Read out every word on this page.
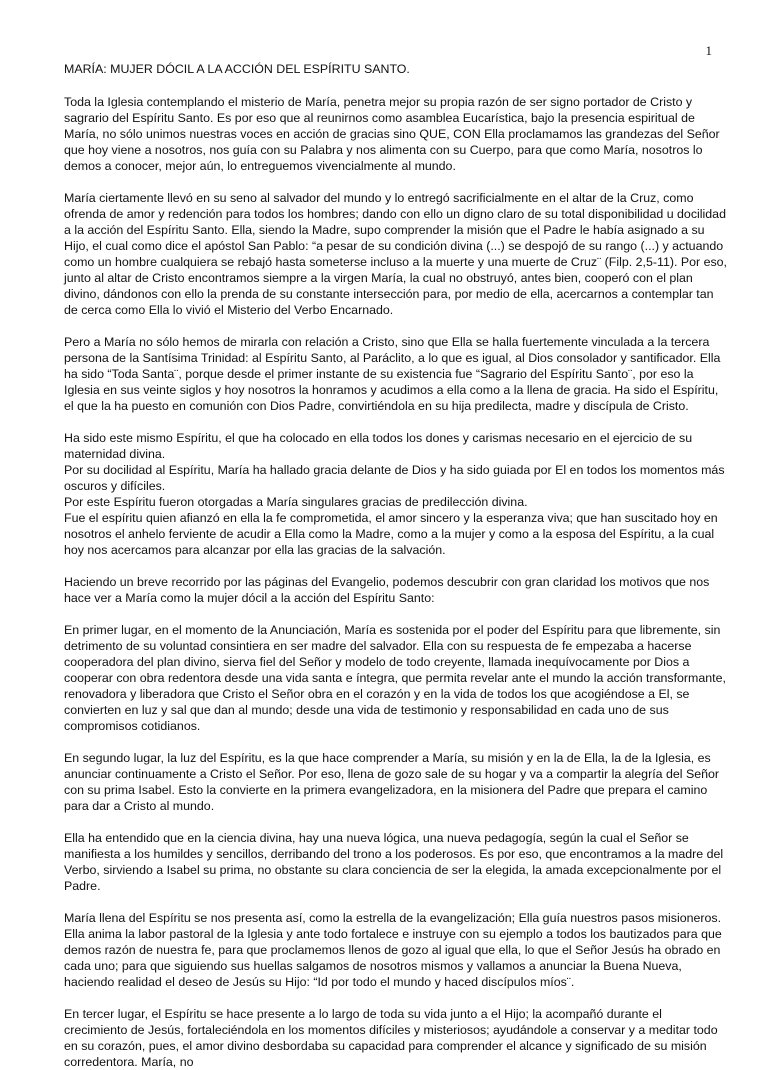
1
MARÍA: MUJER DÓCIL A LA ACCIÓN DEL ESPÍRITU SANTO.

Toda la Iglesia contemplando el misterio de María, penetra mejor su propia razón de ser signo portador de Cristo y sagrario del Espíritu Santo. Es por eso que al reunirnos como asamblea Eucarística, bajo la presencia espiritual de María, no sólo unimos nuestras voces en acción de gracias sino QUE, CON Ella proclamamos las grandezas del Señor que hoy viene a nosotros, nos guía con su Palabra y nos alimenta con su Cuerpo, para que como María, nosotros lo demos a conocer, mejor aún, lo entreguemos vivencialmente al mundo.

María ciertamente llevó en su seno al salvador del mundo y lo entregó sacrificialmente en el altar de la Cruz, como ofrenda de amor y redención para todos los hombres; dando con ello un digno claro de su total disponibilidad u docilidad a la acción del Espíritu Santo. Ella, siendo la Madre, supo comprender la misión que el Padre le había asignado a su Hijo, el cual como dice el apóstol San Pablo: “a pesar de su condición divina (...) se despojó de su rango (...) y actuando como un hombre cualquiera se rebajó hasta someterse incluso a la muerte y una muerte de Cruz¨ (Filp. 2,5-11). Por eso, junto al altar de Cristo encontramos siempre a la virgen María, la cual no obstruyó, antes bien, cooperó con el plan divino, dándonos con ello la prenda de su constante intersección para, por medio de ella, acercarnos a contemplar tan de cerca como Ella lo vivió el Misterio del Verbo Encarnado.

Pero a María no sólo hemos de mirarla con relación a Cristo, sino que Ella se halla fuertemente vinculada a la tercera persona de la Santísima Trinidad: al Espíritu Santo, al Paráclito, a lo que es igual, al Dios consolador y santificador. Ella ha sido “Toda Santa¨, porque desde el primer instante de su existencia fue “Sagrario del Espíritu Santo¨, por eso la Iglesia en sus veinte siglos y hoy nosotros la honramos y acudimos a ella como a la llena de gracia. Ha sido el Espíritu, el que la ha puesto en comunión con Dios Padre, convirtiéndola en su hija predilecta, madre y discípula de Cristo.

Ha sido este mismo Espíritu, el que ha colocado en ella todos los dones y carismas necesario en el ejercicio de su maternidad divina.

Por su docilidad al Espíritu, María ha hallado gracia delante de Dios y ha sido guiada por El en todos los momentos más oscuros y difíciles.

Por este Espíritu fueron otorgadas a María singulares gracias de predilección divina.

Fue el espíritu quien afianzó en ella la fe comprometida, el amor sincero y la esperanza viva; que han suscitado hoy en nosotros el anhelo ferviente de acudir a Ella como la Madre, como a la mujer y como a la esposa del Espíritu, a la cual hoy nos acercamos para alcanzar por ella las gracias de la salvación.

Haciendo un breve recorrido por las páginas del Evangelio, podemos descubrir con gran claridad los motivos que nos hace ver a María como la mujer dócil a la acción del Espíritu Santo:

En primer lugar, en el momento de la Anunciación, María es sostenida por el poder del Espíritu para que libremente, sin detrimento de su voluntad consintiera en ser madre del salvador. Ella con su respuesta de fe empezaba a hacerse cooperadora del plan divino, sierva fiel del Señor y modelo de todo creyente, llamada inequívocamente por Dios a cooperar con obra redentora desde una vida santa e íntegra, que permita revelar ante el mundo la acción transformante, renovadora y liberadora que Cristo el Señor obra en el corazón y en la vida de todos los que acogiéndose a El, se convierten en luz y sal que dan al mundo; desde una vida de testimonio y responsabilidad en cada uno de sus compromisos cotidianos.

En segundo lugar, la luz del Espíritu, es la que hace comprender a María, su misión y en la de Ella, la de la Iglesia, es anunciar continuamente a Cristo el Señor. Por eso, llena de gozo sale de su hogar y va a compartir la alegría del Señor con su prima Isabel. Esto la convierte en la primera evangelizadora, en la misionera del Padre que prepara el camino para dar a Cristo al mundo.

Ella ha entendido que en la ciencia divina, hay una nueva lógica, una nueva pedagogía, según la cual el Señor se manifiesta a los humildes y sencillos, derribando del trono a los poderosos. Es por eso, que encontramos a la madre del Verbo, sirviendo a Isabel su prima, no obstante su clara conciencia de ser la elegida, la amada excepcionalmente por el Padre.

María llena del Espíritu se nos presenta así, como la estrella de la evangelización; Ella guía nuestros pasos misioneros. Ella anima la labor pastoral de la Iglesia y ante todo fortalece e instruye con su ejemplo a todos los bautizados para que demos razón de nuestra fe, para que proclamemos llenos de gozo al igual que ella, lo que el Señor Jesús ha obrado en cada uno; para que siguiendo sus huellas salgamos de nosotros mismos y vallamos a anunciar la Buena Nueva, haciendo realidad el deseo de Jesús su Hijo: “Id por todo el mundo y haced discípulos míos¨.

En tercer lugar, el Espíritu se hace presente a lo largo de toda su vida junto a el Hijo; la acompañó durante el crecimiento de Jesús, fortaleciéndola en los momentos difíciles y misteriosos; ayudándole a conservar y a meditar todo en su corazón, pues, el amor divino desbordaba su capacidad para comprender el alcance y significado de su misión corredentora. María, no
